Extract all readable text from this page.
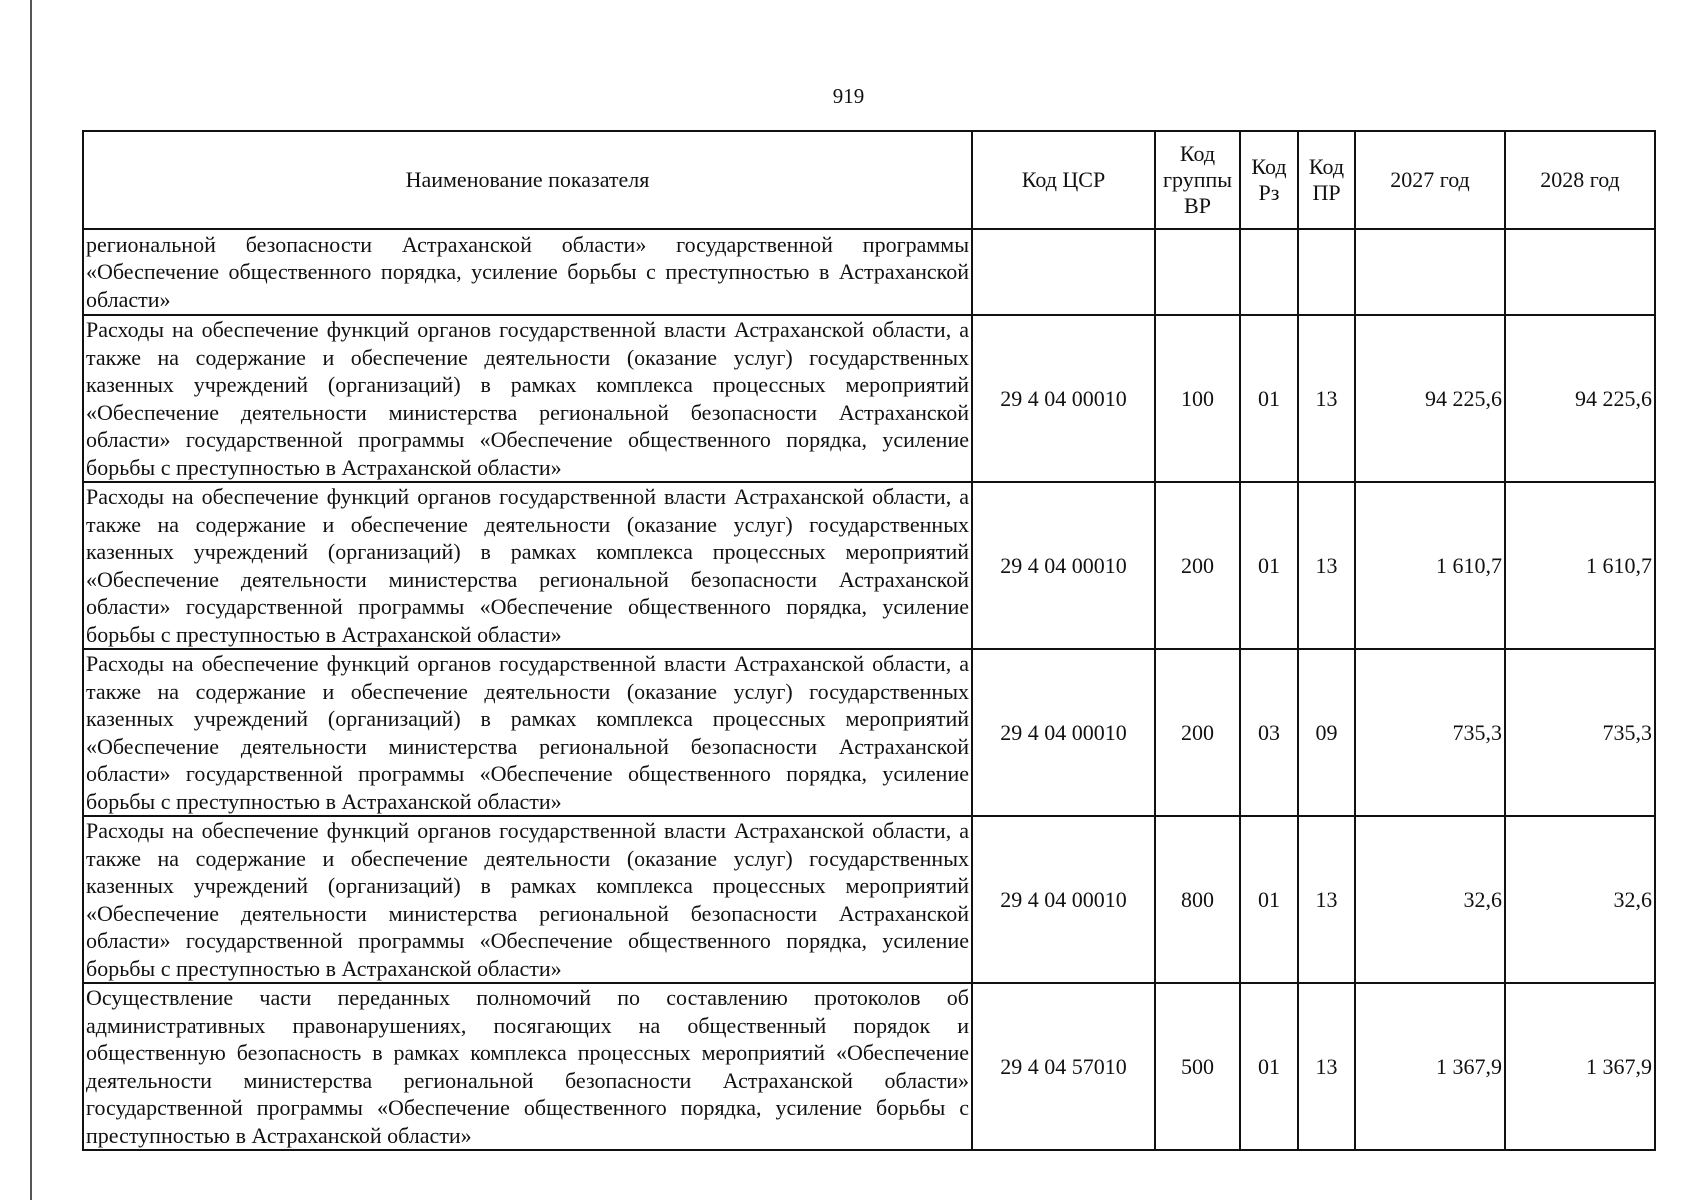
919
Наименование показателя	Код ЦСР	Код группы ВР	Код Рз	Код ПР	2027 год	2028 год
региональной безопасности Астраханской области» государственной программы «Обеспечение общественного порядка, усиление борьбы с преступностью в Астраханской области»						
Расходы на обеспечение функций органов государственной власти Астраханской области, а также на содержание и обеспечение деятельности (оказание услуг) государственных казенных учреждений (организаций) в рамках комплекса процессных мероприятий «Обеспечение деятельности министерства региональной безопасности Астраханской области» государственной программы «Обеспечение общественного порядка, усиление борьбы с преступностью в Астраханской области»	29 4 04 00010	100	01	13	94 225,6	94 225,6
Расходы на обеспечение функций органов государственной власти Астраханской области, а также на содержание и обеспечение деятельности (оказание услуг) государственных казенных учреждений (организаций) в рамках комплекса процессных мероприятий «Обеспечение деятельности министерства региональной безопасности Астраханской области» государственной программы «Обеспечение общественного порядка, усиление борьбы с преступностью в Астраханской области»	29 4 04 00010	200	01	13	1 610,7	1 610,7
Расходы на обеспечение функций органов государственной власти Астраханской области, а также на содержание и обеспечение деятельности (оказание услуг) государственных казенных учреждений (организаций) в рамках комплекса процессных мероприятий «Обеспечение деятельности министерства региональной безопасности Астраханской области» государственной программы «Обеспечение общественного порядка, усиление борьбы с преступностью в Астраханской области»	29 4 04 00010	200	03	09	735,3	735,3
Расходы на обеспечение функций органов государственной власти Астраханской области, а также на содержание и обеспечение деятельности (оказание услуг) государственных казенных учреждений (организаций) в рамках комплекса процессных мероприятий «Обеспечение деятельности министерства региональной безопасности Астраханской области» государственной программы «Обеспечение общественного порядка, усиление борьбы с преступностью в Астраханской области»	29 4 04 00010	800	01	13	32,6	32,6
Осуществление части переданных полномочий по составлению протоколов об административных правонарушениях, посягающих на общественный порядок и общественную безопасность в рамках комплекса процессных мероприятий «Обеспечение деятельности министерства региональной безопасности Астраханской области» государственной программы «Обеспечение общественного порядка, усиление борьбы с преступностью в Астраханской области»	29 4 04 57010	500	01	13	1 367,9	1 367,9
